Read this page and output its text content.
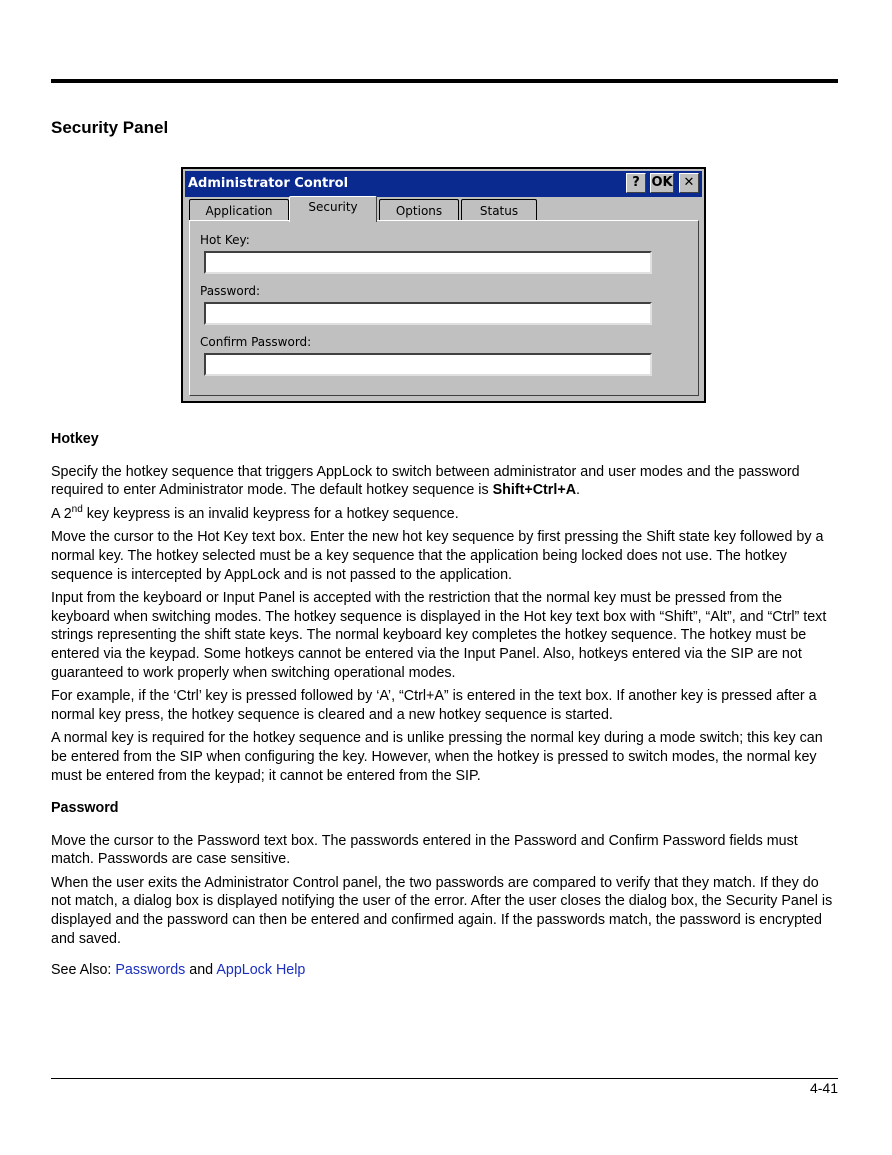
Security Panel
Administrator Control	? OK ✕
Application	Security	Options	Status
Hot Key:
Password:
Confirm Password:
Hotkey

Specify the hotkey sequence that triggers AppLock to switch between administrator and user modes and the password required to enter Administrator mode. The default hotkey sequence is Shift+Ctrl+A.

A 2nd key keypress is an invalid keypress for a hotkey sequence.

Move the cursor to the Hot Key text box. Enter the new hot key sequence by first pressing the Shift state key followed by a normal key. The hotkey selected must be a key sequence that the application being locked does not use. The hotkey sequence is intercepted by AppLock and is not passed to the application.

Input from the keyboard or Input Panel is accepted with the restriction that the normal key must be pressed from the keyboard when switching modes. The hotkey sequence is displayed in the Hot key text box with “Shift”, “Alt”, and “Ctrl” text strings representing the shift state keys. The normal keyboard key completes the hotkey sequence. The hotkey must be entered via the keypad. Some hotkeys cannot be entered via the Input Panel. Also, hotkeys entered via the SIP are not guaranteed to work properly when switching operational modes.

For example, if the ‘Ctrl’ key is pressed followed by ‘A’, “Ctrl+A” is entered in the text box. If another key is pressed after a normal key press, the hotkey sequence is cleared and a new hotkey sequence is started.

A normal key is required for the hotkey sequence and is unlike pressing the normal key during a mode switch; this key can be entered from the SIP when configuring the key. However, when the hotkey is pressed to switch modes, the normal key must be entered from the keypad; it cannot be entered from the SIP.

Password

Move the cursor to the Password text box. The passwords entered in the Password and Confirm Password fields must match. Passwords are case sensitive.

When the user exits the Administrator Control panel, the two passwords are compared to verify that they match. If they do not match, a dialog box is displayed notifying the user of the error. After the user closes the dialog box, the Security Panel is displayed and the password can then be entered and confirmed again. If the passwords match, the password is encrypted and saved.

See Also: Passwords and AppLock Help

4-41
